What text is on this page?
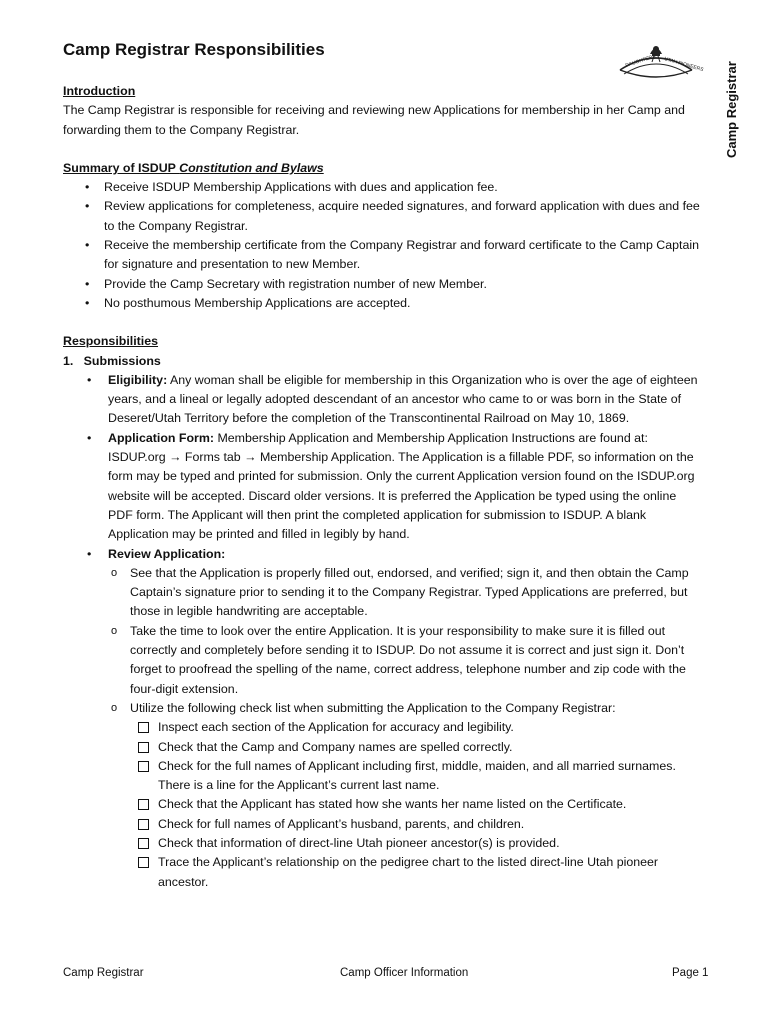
Camp Registrar Responsibilities
Camp Registrar
DAUGHTERS UTAH PIONEERS

Introduction

The Camp Registrar is responsible for receiving and reviewing new Applications for membership in her Camp and forwarding them to the Company Registrar.

Summary of ISDUP Constitution and Bylaws

• Receive ISDUP Membership Applications with dues and application fee.
• Review applications for completeness, acquire needed signatures, and forward application with dues and fee to the Company Registrar.
• Receive the membership certificate from the Company Registrar and forward certificate to the Camp Captain for signature and presentation to new Member.
• Provide the Camp Secretary with registration number of new Member.
• No posthumous Membership Applications are accepted.

Responsibilities

1. Submissions

• Eligibility: Any woman shall be eligible for membership in this Organization who is over the age of eighteen years, and a lineal or legally adopted descendant of an ancestor who came to or was born in the State of Deseret/Utah Territory before the completion of the Transcontinental Railroad on May 10, 1869.
• Application Form: Membership Application and Membership Application Instructions are found at: ISDUP.org → Forms tab → Membership Application. The Application is a fillable PDF, so information on the form may be typed and printed for submission. Only the current Application version found on the ISDUP.org website will be accepted. Discard older versions. It is preferred the Application be typed using the online PDF form. The Applicant will then print the completed application for submission to ISDUP. A blank Application may be printed and filled in legibly by hand.
• Review Application:
o See that the Application is properly filled out, endorsed, and verified; sign it, and then obtain the Camp Captain’s signature prior to sending it to the Company Registrar. Typed Applications are preferred, but those in legible handwriting are acceptable.
o Take the time to look over the entire Application. It is your responsibility to make sure it is filled out correctly and completely before sending it to ISDUP. Do not assume it is correct and just sign it. Don’t forget to proofread the spelling of the name, correct address, telephone number and zip code with the four-digit extension.
o Utilize the following check list when submitting the Application to the Company Registrar:
Inspect each section of the Application for accuracy and legibility.
Check that the Camp and Company names are spelled correctly.
Check for the full names of Applicant including first, middle, maiden, and all married surnames. There is a line for the Applicant’s current last name.
Check that the Applicant has stated how she wants her name listed on the Certificate.
Check for full names of Applicant’s husband, parents, and children.
Check that information of direct-line Utah pioneer ancestor(s) is provided.
Trace the Applicant’s relationship on the pedigree chart to the listed direct-line Utah pioneer ancestor.
Camp Registrar	Camp Officer Information	Page 1
